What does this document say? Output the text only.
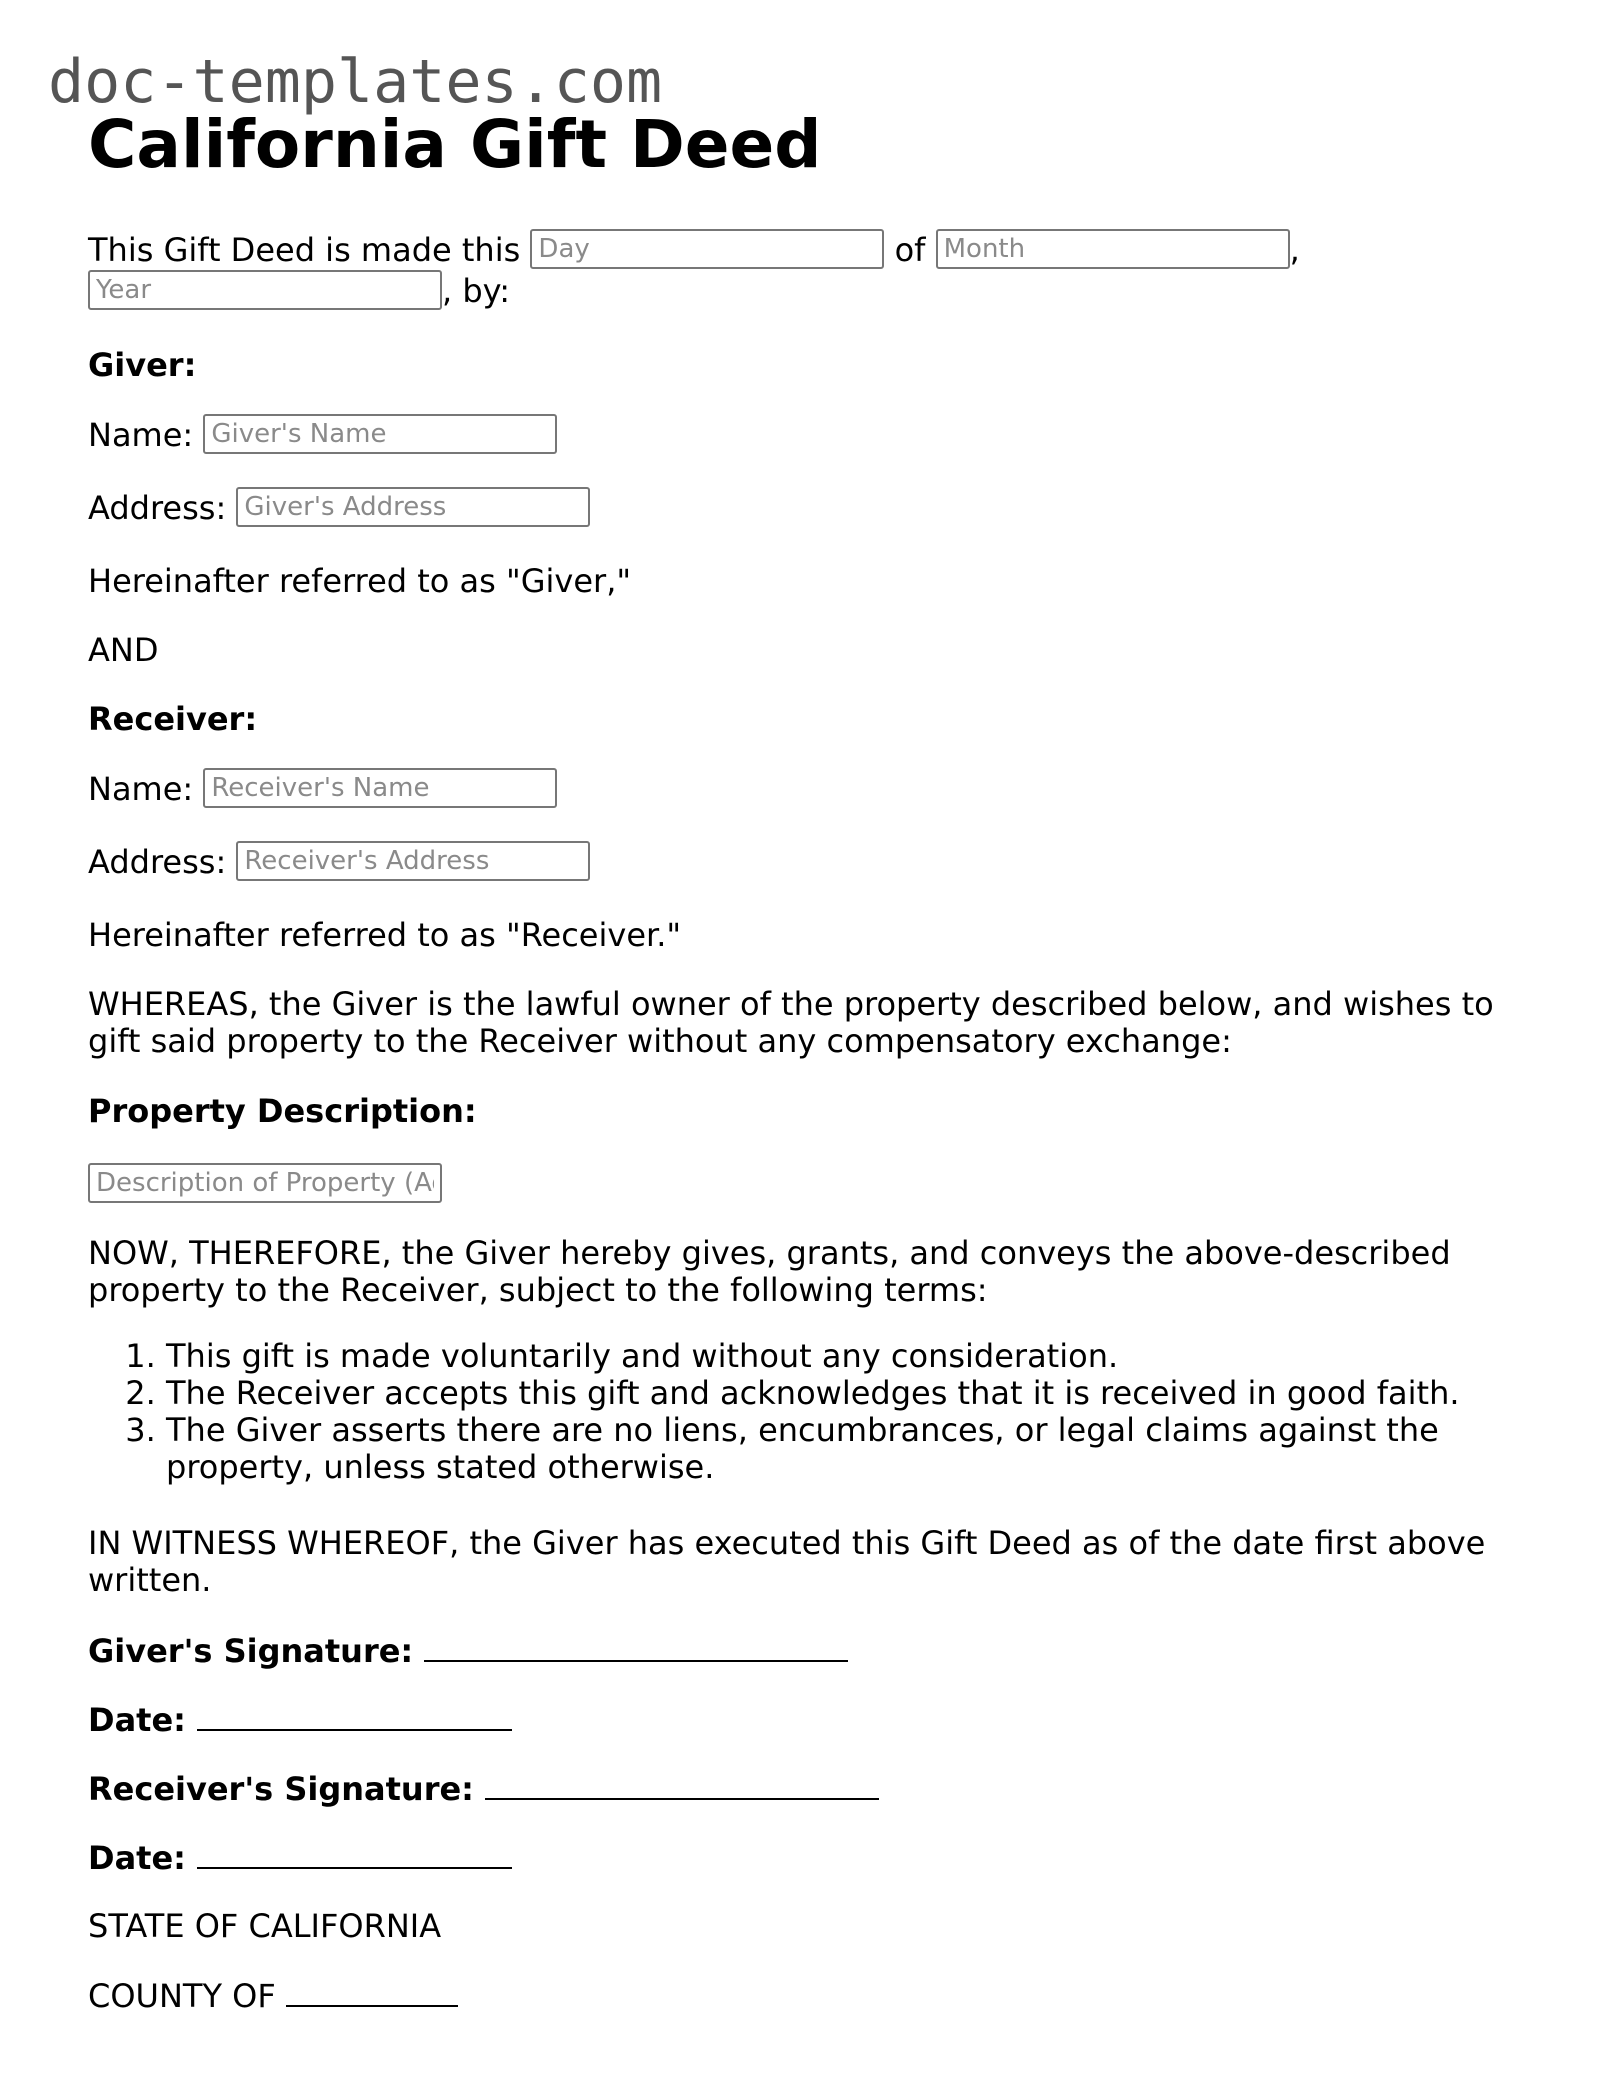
doc-templates.com
California Gift Deed
This Gift Deed is made this Day	of Month	,
Year, by:
Giver:
Name: Giver's Name
Address: Giver's Address
Hereinafter referred to as "Giver,"
AND
Receiver:
Name: Receiver's Name
Address: Receiver's Address
Hereinafter referred to as "Receiver."
WHEREAS, the Giver is the lawful owner of the property described below, and wishes to gift said property to the Receiver without any compensatory exchange:
Property Description:
Description of Property (Address, Legal Description)
NOW, THEREFORE, the Giver hereby gives, grants, and conveys the above-described property to the Receiver, subject to the following terms:
1. This gift is made voluntarily and without any consideration.
2. The Receiver accepts this gift and acknowledges that it is received in good faith.
3. The Giver asserts there are no liens, encumbrances, or legal claims against the property, unless stated otherwise.
IN WITNESS WHEREOF, the Giver has executed this Gift Deed as of the date first above written.
Giver's Signature:
Date:
Receiver's Signature:
Date:
STATE OF CALIFORNIA
COUNTY OF
